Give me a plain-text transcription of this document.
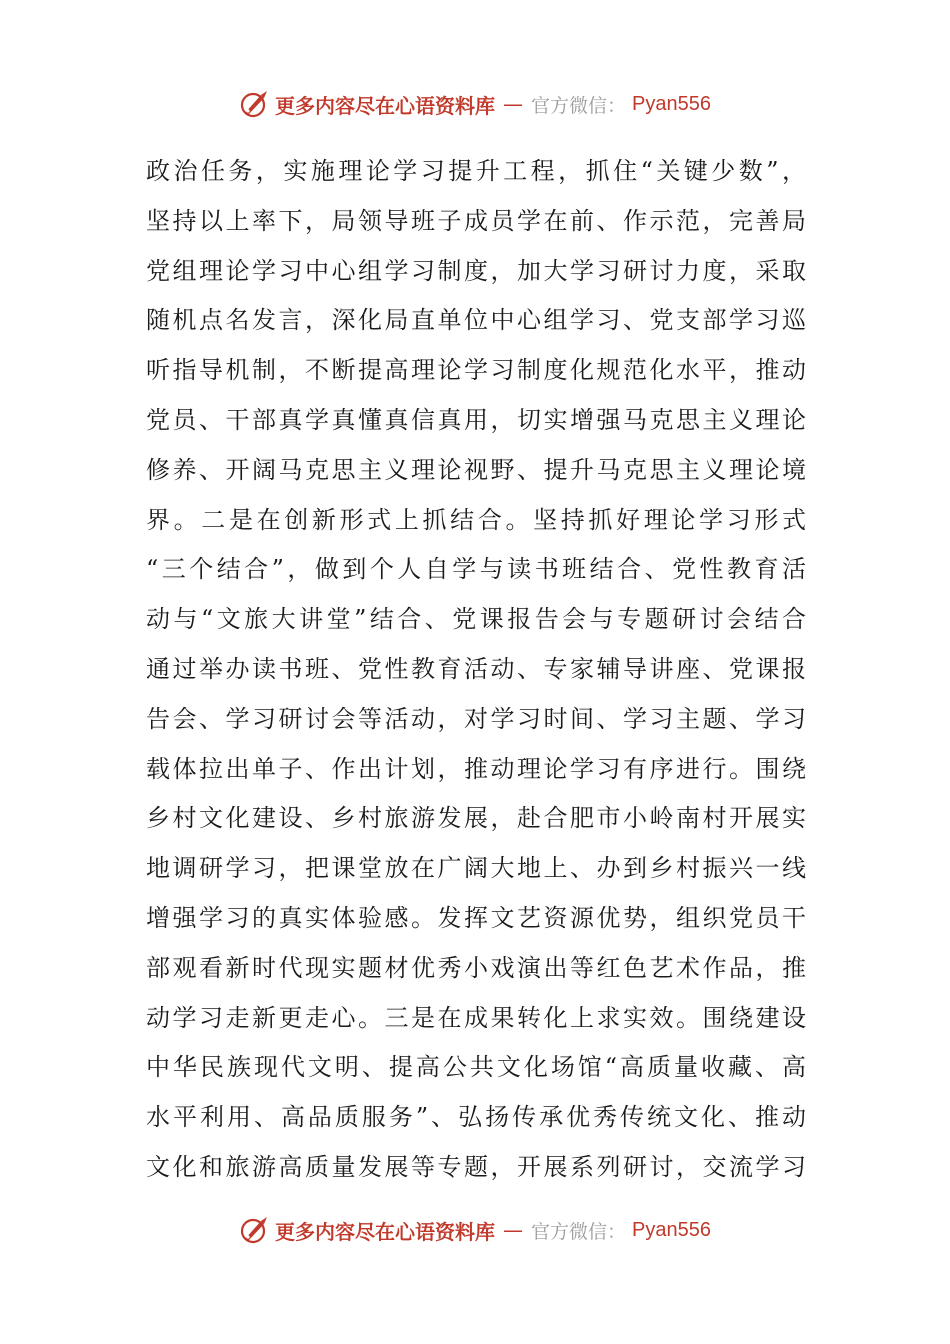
更多内容尽在心语资料库 — 官方微信： Pyan556
政治任务，实施理论学习提升工程，抓住“关键少数”，
坚持以上率下，局领导班子成员学在前、作示范，完善局
党组理论学习中心组学习制度，加大学习研讨力度，采取
随机点名发言，深化局直单位中心组学习、党支部学习巡
听指导机制，不断提高理论学习制度化规范化水平，推动
党员、干部真学真懂真信真用，切实增强马克思主义理论
修养、开阔马克思主义理论视野、提升马克思主义理论境
界。二是在创新形式上抓结合。坚持抓好理论学习形式
“三个结合”，做到个人自学与读书班结合、党性教育活
动与“文旅大讲堂”结合、党课报告会与专题研讨会结合
通过举办读书班、党性教育活动、专家辅导讲座、党课报
告会、学习研讨会等活动，对学习时间、学习主题、学习
载体拉出单子、作出计划，推动理论学习有序进行。围绕
乡村文化建设、乡村旅游发展，赴合肥市小岭南村开展实
地调研学习，把课堂放在广阔大地上、办到乡村振兴一线
增强学习的真实体验感。发挥文艺资源优势，组织党员干
部观看新时代现实题材优秀小戏演出等红色艺术作品，推
动学习走新更走心。三是在成果转化上求实效。围绕建设
中华民族现代文明、提高公共文化场馆“高质量收藏、高
水平利用、高品质服务”、弘扬传承优秀传统文化、推动
文化和旅游高质量发展等专题，开展系列研讨，交流学习
更多内容尽在心语资料库 — 官方微信： Pyan556
